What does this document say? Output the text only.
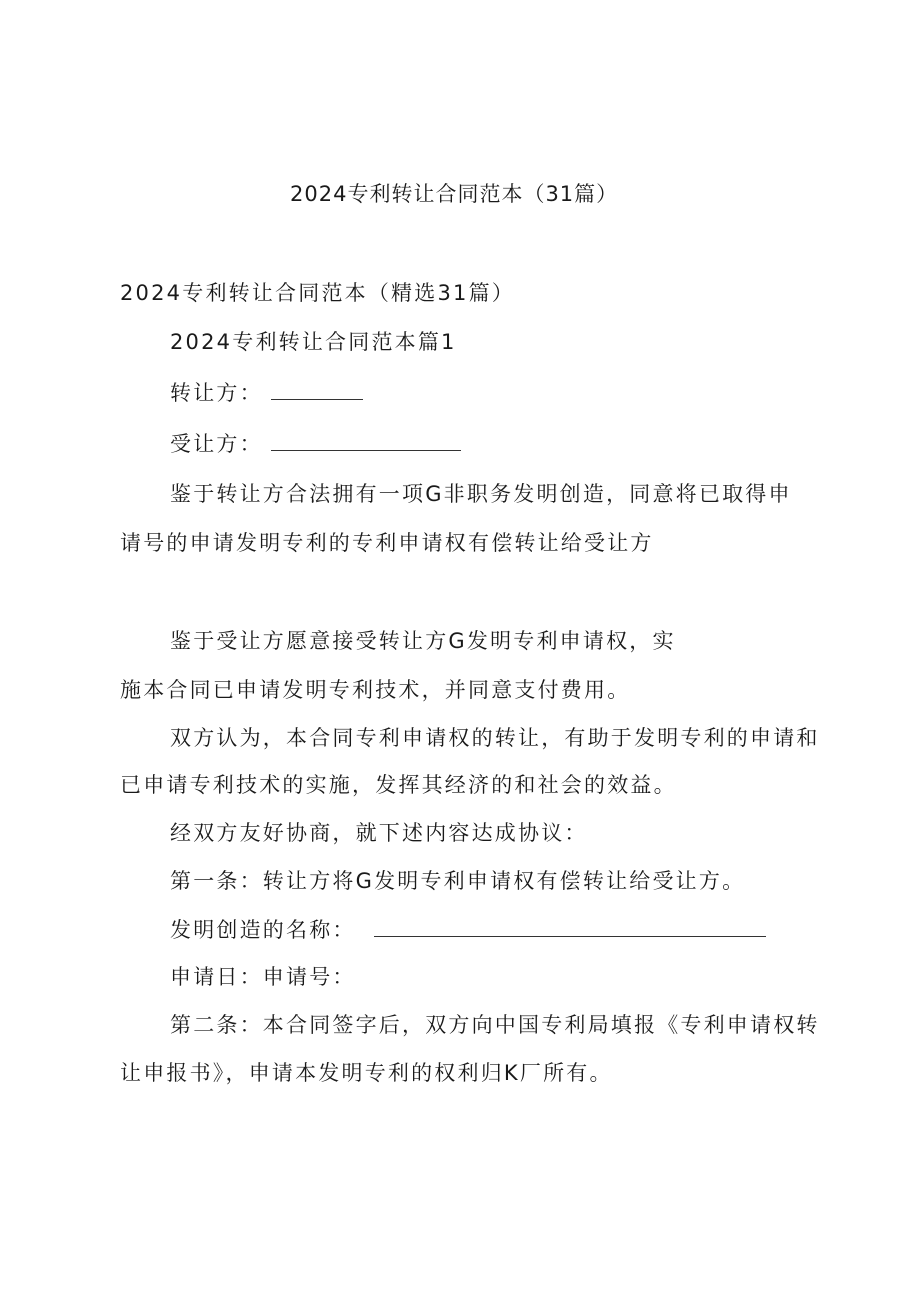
2024专利转让合同范本（31篇）
2024专利转让合同范本（精选31篇）
2024专利转让合同范本篇1
转让方：
受让方：
鉴于转让方合法拥有一项G非职务发明创造，同意将已取得申
请号的申请发明专利的专利申请权有偿转让给受让方
鉴于受让方愿意接受转让方G发明专利申请权，实
施本合同已申请发明专利技术，并同意支付费用。
双方认为，本合同专利申请权的转让，有助于发明专利的申请和
已申请专利技术的实施，发挥其经济的和社会的效益。
经双方友好协商，就下述内容达成协议：
第一条：转让方将G发明专利申请权有偿转让给受让方。
发明创造的名称：
申请日：申请号：
第二条：本合同签字后，双方向中国专利局填报《专利申请权转
让申报书》，申请本发明专利的权利归K厂所有。
